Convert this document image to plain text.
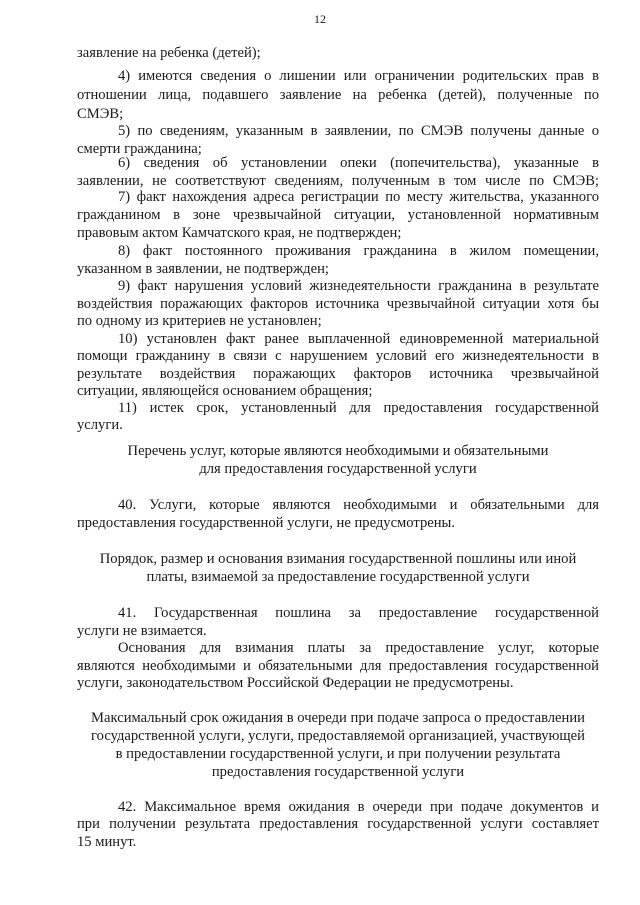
12
заявление на ребенка (детей);
4) имеются сведения о лишении или ограничении родительских прав в
отношении лица, подавшего заявление на ребенка (детей), полученные по
СМЭВ;
5) по сведениям, указанным в заявлении, по СМЭВ получены данные о
смерти гражданина;
6) сведения об установлении опеки (попечительства), указанные в
заявлении, не соответствуют сведениям, полученным в том числе по СМЭВ;
7) факт нахождения адреса регистрации по месту жительства, указанного
гражданином в зоне чрезвычайной ситуации, установленной нормативным
правовым актом Камчатского края, не подтвержден;
8) факт постоянного проживания гражданина в жилом помещении,
указанном в заявлении, не подтвержден;
9) факт нарушения условий жизнедеятельности гражданина в результате
воздействия поражающих факторов источника чрезвычайной ситуации хотя бы
по одному из критериев не установлен;
10) установлен факт ранее выплаченной единовременной материальной
помощи гражданину в связи с нарушением условий его жизнедеятельности в
результате воздействия поражающих факторов источника чрезвычайной
ситуации, являющейся основанием обращения;
11) истек срок, установленный для предоставления государственной
услуги.
Перечень услуг, которые являются необходимыми и обязательными
для предоставления государственной услуги
40. Услуги, которые являются необходимыми и обязательными для
предоставления государственной услуги, не предусмотрены.
Порядок, размер и основания взимания государственной пошлины или иной
платы, взимаемой за предоставление государственной услуги
41. Государственная пошлина за предоставление государственной
услуги не взимается.
Основания для взимания платы за предоставление услуг, которые
являются необходимыми и обязательными для предоставления государственной
услуги, законодательством Российской Федерации не предусмотрены.
Максимальный срок ожидания в очереди при подаче запроса о предоставлении
государственной услуги, услуги, предоставляемой организацией, участвующей
в предоставлении государственной услуги, и при получении результата
предоставления государственной услуги
42. Максимальное время ожидания в очереди при подаче документов и
при получении результата предоставления государственной услуги составляет
15 минут.
